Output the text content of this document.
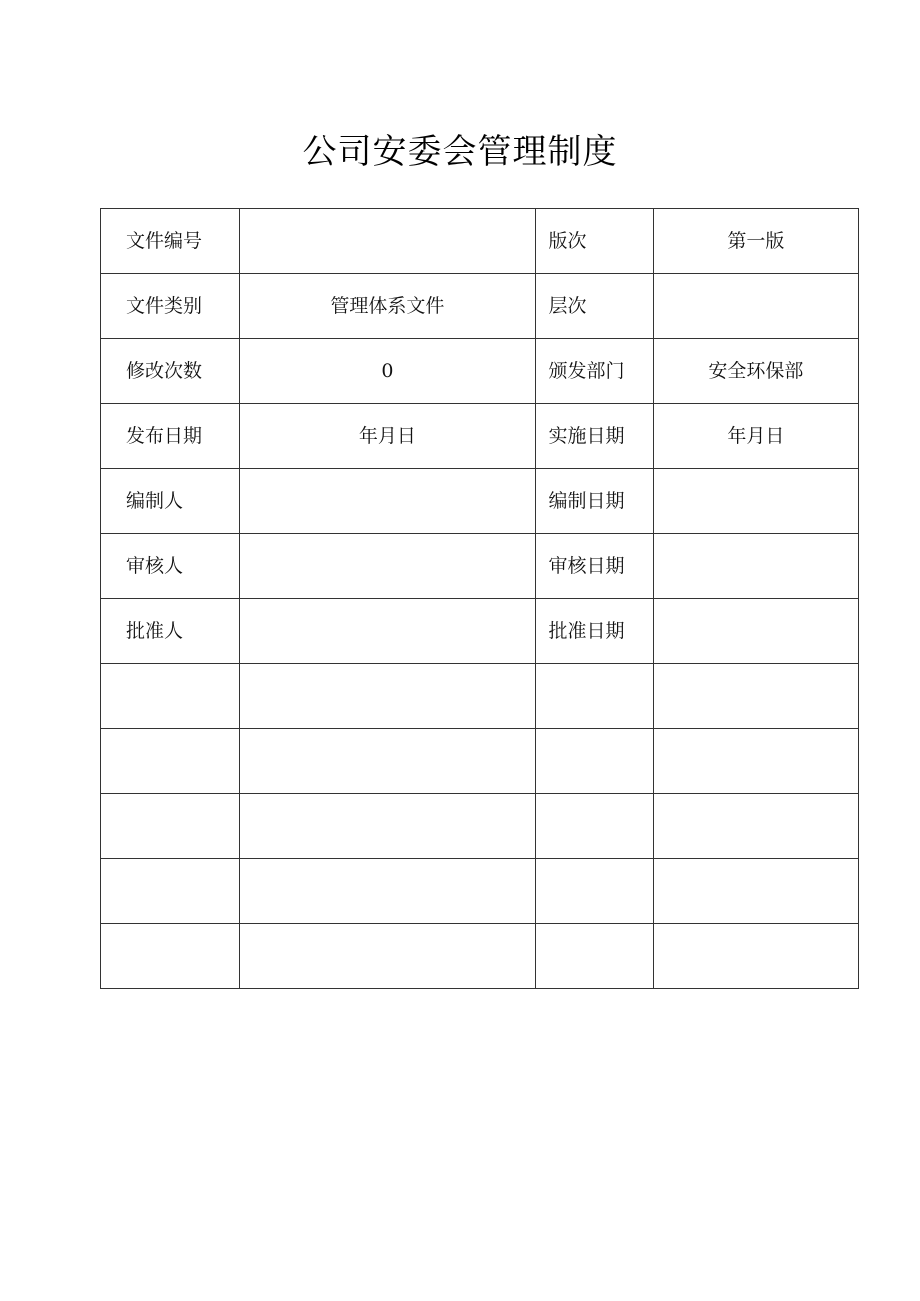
公司安委会管理制度
文件编号		版次	第一版
文件类别	管理体系文件	层次	
修改次数	0	颁发部门	安全环保部
发布日期	年月日	实施日期	年月日
编制人		编制日期	
审核人		审核日期	
批准人		批准日期	
